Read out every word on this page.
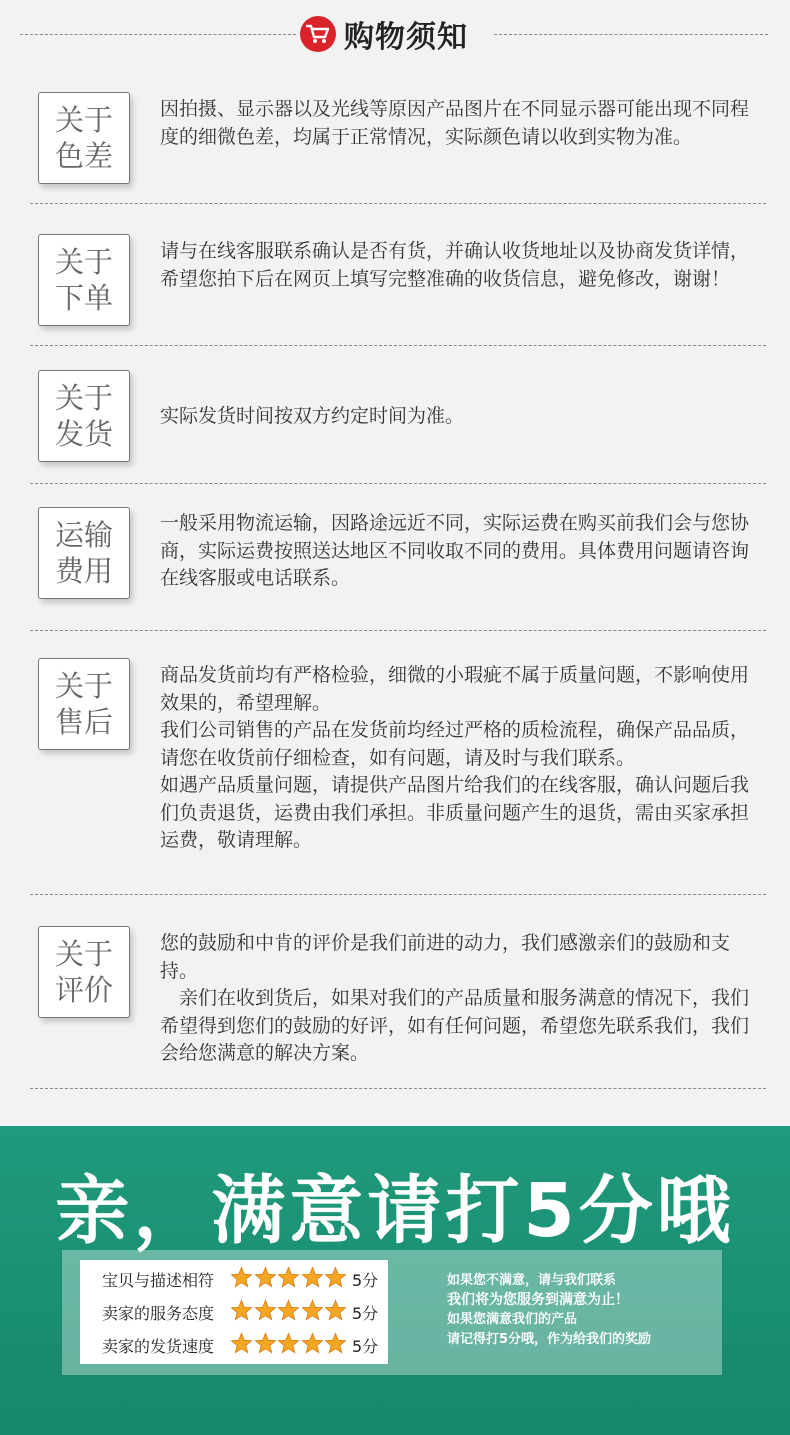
购物须知
关于
色差

因拍摄、显示器以及光线等原因产品图片在不同显示器可能出现不同程度的细微色差，均属于正常情况，实际颜色请以收到实物为准。

关于
下单

请与在线客服联系确认是否有货，并确认收货地址以及协商发货详情，希望您拍下后在网页上填写完整准确的收货信息，避免修改，谢谢！

关于
发货

实际发货时间按双方约定时间为准。

运输
费用

一般采用物流运输，因路途远近不同，实际运费在购买前我们会与您协商，实际运费按照送达地区不同收取不同的费用。具体费用问题请咨询在线客服或电话联系。

关于
售后

商品发货前均有严格检验，细微的小瑕疵不属于质量问题，不影响使用效果的，希望理解。

我们公司销售的产品在发货前均经过严格的质检流程，确保产品品质，请您在收货前仔细检查，如有问题，请及时与我们联系。

如遇产品质量问题，请提供产品图片给我们的在线客服，确认问题后我们负责退货，运费由我们承担。非质量问题产生的退货，需由买家承担运费，敬请理解。

关于
评价

您的鼓励和中肯的评价是我们前进的动力，我们感激亲们的鼓励和支持。

　亲们在收到货后，如果对我们的产品质量和服务满意的情况下，我们希望得到您们的鼓励的好评，如有任何问题，希望您先联系我们，我们会给您满意的解决方案。

亲，满意请打5分哦
宝贝与描述相符	5分
卖家的服务态度	5分
卖家的发货速度	5分

如果您不满意，请与我们联系

我们将为您服务到满意为止！

如果您满意我们的产品

请记得打5分哦，作为给我们的奖励
